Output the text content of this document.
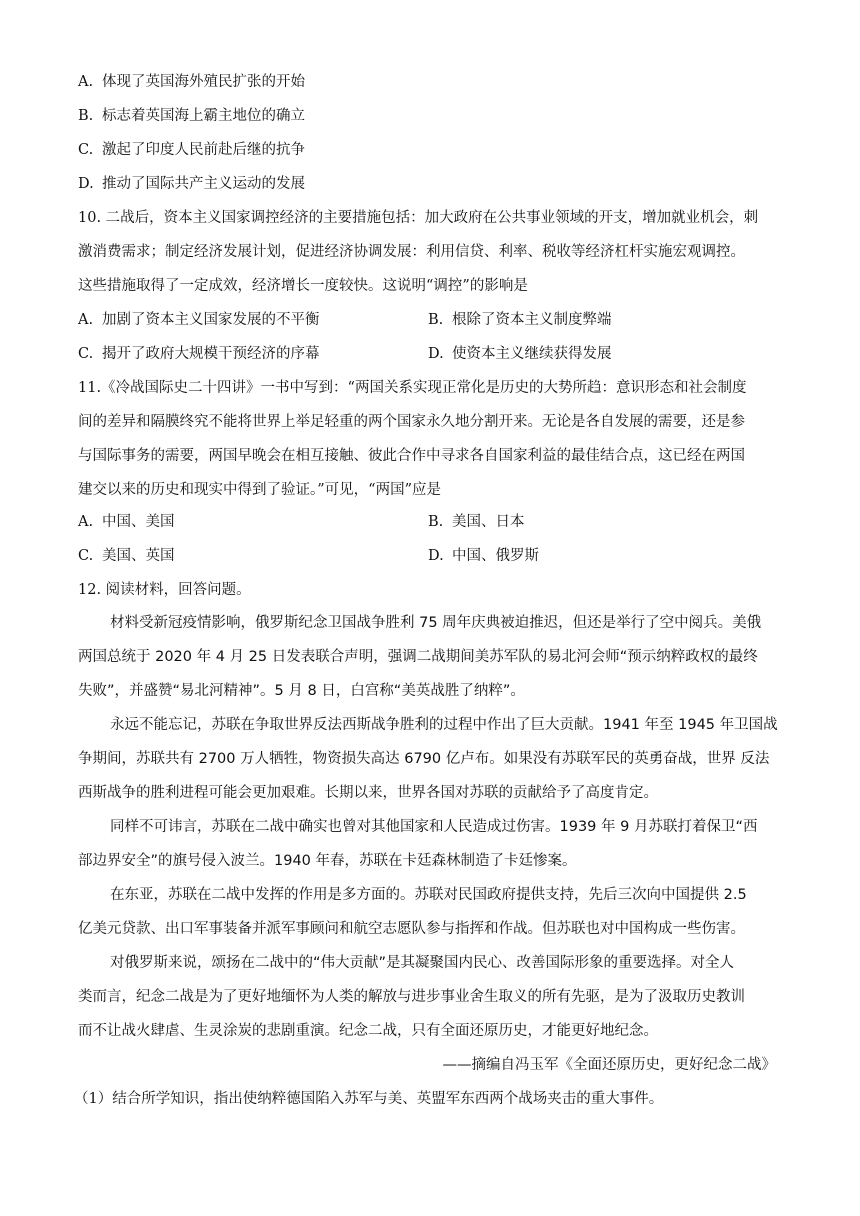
A. 体现了英国海外殖民扩张的开始
B. 标志着英国海上霸主地位的确立
C. 激起了印度人民前赴后继的抗争
D. 推动了国际共产主义运动的发展
10. 二战后，资本主义国家调控经济的主要措施包括：加大政府在公共事业领域的开支，增加就业机会，刺
激消费需求；制定经济发展计划，促进经济协调发展：利用信贷、利率、税收等经济杠杆实施宏观调控。
这些措施取得了一定成效，经济增长一度较快。这说明“调控”的影响是
A. 加剧了资本主义国家发展的不平衡	B. 根除了资本主义制度弊端
C. 揭开了政府大规模干预经济的序幕	D. 使资本主义继续获得发展
11.《冷战国际史二十四讲》一书中写到：“两国关系实现正常化是历史的大势所趋：意识形态和社会制度
间的差异和隔膜终究不能将世界上举足轻重的两个国家永久地分割开来。无论是各自发展的需要，还是参
与国际事务的需要，两国早晚会在相互接触、彼此合作中寻求各自国家利益的最佳结合点，这已经在两国
建交以来的历史和现实中得到了验证。”可见，“两国”应是
A. 中国、美国	B. 美国、日本
C. 美国、英国	D. 中国、俄罗斯
12. 阅读材料，回答问题。
材料受新冠疫情影响，俄罗斯纪念卫国战争胜利 75 周年庆典被迫推迟，但还是举行了空中阅兵。美俄
两国总统于 2020 年 4 月 25 日发表联合声明，强调二战期间美苏军队的易北河会师“预示纳粹政权的最终
失败”，并盛赞“易北河精神”。5 月 8 日，白宫称“美英战胜了纳粹”。
永远不能忘记，苏联在争取世界反法西斯战争胜利的过程中作出了巨大贡献。1941 年至 1945 年卫国战
争期间，苏联共有 2700 万人牺牲，物资损失高达 6790 亿卢布。如果没有苏联军民的英勇奋战，世界 反法
西斯战争的胜利进程可能会更加艰难。长期以来，世界各国对苏联的贡献给予了高度肯定。
同样不可讳言，苏联在二战中确实也曾对其他国家和人民造成过伤害。1939 年 9 月苏联打着保卫“西
部边界安全”的旗号侵入波兰。1940 年春，苏联在卡廷森林制造了卡廷惨案。
在东亚，苏联在二战中发挥的作用是多方面的。苏联对民国政府提供支持，先后三次向中国提供 2.5
亿美元贷款、出口军事装备并派军事顾问和航空志愿队参与指挥和作战。但苏联也对中国构成一些伤害。
对俄罗斯来说，颂扬在二战中的“伟大贡献”是其凝聚国内民心、改善国际形象的重要选择。对全人
类而言，纪念二战是为了更好地缅怀为人类的解放与进步事业舍生取义的所有先驱，是为了汲取历史教训
而不让战火肆虐、生灵涂炭的悲剧重演。纪念二战，只有全面还原历史，才能更好地纪念。
——摘编自冯玉军《全面还原历史，更好纪念二战》
（1）结合所学知识，指出使纳粹德国陷入苏军与美、英盟军东西两个战场夹击的重大事件。
